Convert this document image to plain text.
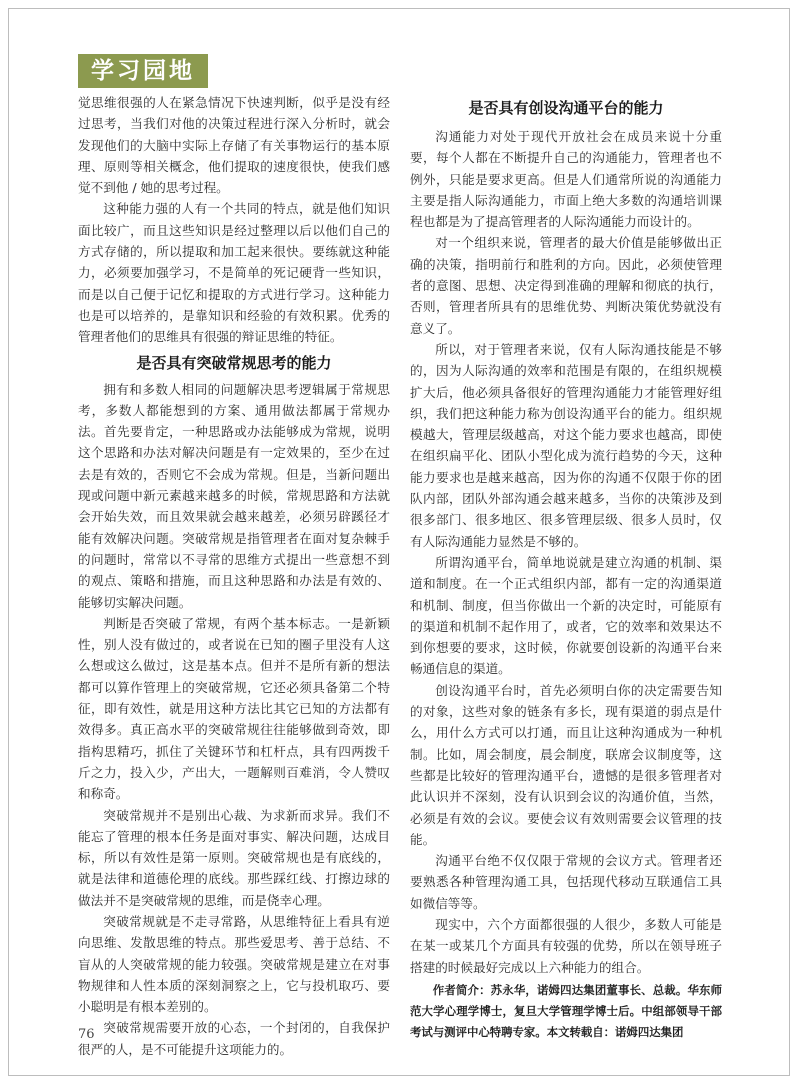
学习园地

觉思维很强的人在紧急情况下快速判断，似乎是没有经过思考，当我们对他的决策过程进行深入分析时，就会发现他们的大脑中实际上存储了有关事物运行的基本原理、原则等相关概念，他们提取的速度很快，使我们感觉不到他 / 她的思考过程。

这种能力强的人有一个共同的特点，就是他们知识面比较广，而且这些知识是经过整理以后以他们自己的方式存储的，所以提取和加工起来很快。要练就这种能力，必须要加强学习，不是简单的死记硬背一些知识，而是以自己便于记忆和提取的方式进行学习。这种能力也是可以培养的，是靠知识和经验的有效积累。优秀的管理者他们的思维具有很强的辩证思维的特征。

是否具有突破常规思考的能力

拥有和多数人相同的问题解决思考逻辑属于常规思考，多数人都能想到的方案、通用做法都属于常规办法。首先要肯定，一种思路或办法能够成为常规，说明这个思路和办法对解决问题是有一定效果的，至少在过去是有效的，否则它不会成为常规。但是，当新问题出现或问题中新元素越来越多的时候，常规思路和方法就会开始失效，而且效果就会越来越差，必须另辟蹊径才能有效解决问题。突破常规是指管理者在面对复杂棘手的问题时，常常以不寻常的思维方式提出一些意想不到的观点、策略和措施，而且这种思路和办法是有效的、能够切实解决问题。

判断是否突破了常规，有两个基本标志。一是新颖性，别人没有做过的，或者说在已知的圈子里没有人这么想或这么做过，这是基本点。但并不是所有新的想法都可以算作管理上的突破常规，它还必须具备第二个特征，即有效性，就是用这种方法比其它已知的方法都有效得多。真正高水平的突破常规往往能够做到奇效，即指构思精巧，抓住了关键环节和杠杆点，具有四两拨千斤之力，投入少，产出大，一题解则百难消，令人赞叹和称奇。

突破常规并不是别出心裁、为求新而求异。我们不能忘了管理的根本任务是面对事实、解决问题，达成目标，所以有效性是第一原则。突破常规也是有底线的，就是法律和道德伦理的底线。那些踩红线、打擦边球的做法并不是突破常规的思维，而是侥幸心理。

突破常规就是不走寻常路，从思维特征上看具有逆向思维、发散思维的特点。那些爱思考、善于总结、不盲从的人突破常规的能力较强。突破常规是建立在对事物规律和人性本质的深刻洞察之上，它与投机取巧、要小聪明是有根本差别的。

突破常规需要开放的心态，一个封闭的，自我保护很严的人，是不可能提升这项能力的。

是否具有创设沟通平台的能力

沟通能力对处于现代开放社会在成员来说十分重要，每个人都在不断提升自己的沟通能力，管理者也不例外，只能是要求更高。但是人们通常所说的沟通能力主要是指人际沟通能力，市面上绝大多数的沟通培训课程也都是为了提高管理者的人际沟通能力而设计的。

对一个组织来说，管理者的最大价值是能够做出正确的决策，指明前行和胜利的方向。因此，必须使管理者的意图、思想、决定得到准确的理解和彻底的执行，否则，管理者所具有的思维优势、判断决策优势就没有意义了。

所以，对于管理者来说，仅有人际沟通技能是不够的，因为人际沟通的效率和范围是有限的，在组织规模扩大后，他必须具备很好的管理沟通能力才能管理好组织，我们把这种能力称为创设沟通平台的能力。组织规模越大，管理层级越高，对这个能力要求也越高，即使在组织扁平化、团队小型化成为流行趋势的今天，这种能力要求也是越来越高，因为你的沟通不仅限于你的团队内部，团队外部沟通会越来越多，当你的决策涉及到很多部门、很多地区、很多管理层级、很多人员时，仅有人际沟通能力显然是不够的。

所谓沟通平台，简单地说就是建立沟通的机制、渠道和制度。在一个正式组织内部，都有一定的沟通渠道和机制、制度，但当你做出一个新的决定时，可能原有的渠道和机制不起作用了，或者，它的效率和效果达不到你想要的要求，这时候，你就要创设新的沟通平台来畅通信息的渠道。

创设沟通平台时，首先必须明白你的决定需要告知的对象，这些对象的链条有多长，现有渠道的弱点是什么，用什么方式可以打通，而且让这种沟通成为一种机制。比如，周会制度，晨会制度，联席会议制度等，这些都是比较好的管理沟通平台，遗憾的是很多管理者对此认识并不深刻，没有认识到会议的沟通价值，当然，必须是有效的会议。要使会议有效则需要会议管理的技能。

沟通平台绝不仅仅限于常规的会议方式。管理者还要熟悉各种管理沟通工具，包括现代移动互联通信工具如微信等等。

现实中，六个方面都很强的人很少，多数人可能是在某一或某几个方面具有较强的优势，所以在领导班子搭建的时候最好完成以上六种能力的组合。

作者简介：苏永华，诺姆四达集团董事长、总裁。华东师范大学心理学博士，复旦大学管理学博士后。中组部领导干部考试与测评中心特聘专家。本文转载自：诺姆四达集团
76
